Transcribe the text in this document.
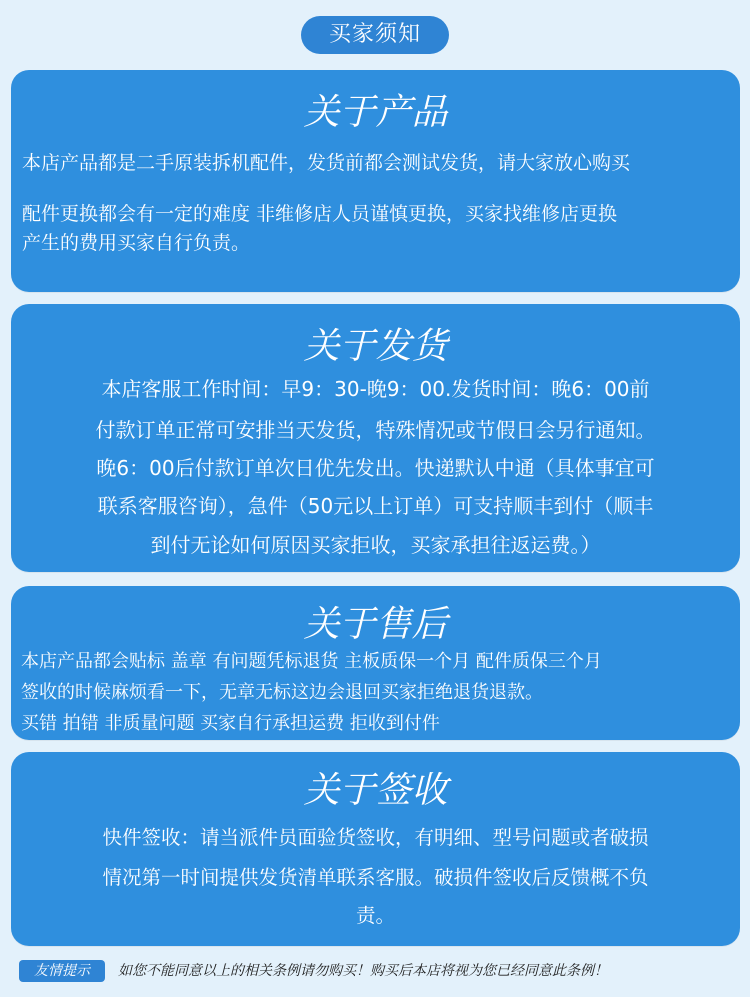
买家须知
关于产品
本店产品都是二手原装拆机配件，发货前都会测试发货，请大家放心购买
配件更换都会有一定的难度 非维修店人员谨慎更换，买家找维修店更换
产生的费用买家自行负责。
关于发货
本店客服工作时间：早9：30-晚9：00.发货时间：晚6：00前
付款订单正常可安排当天发货，特殊情况或节假日会另行通知。
晚6：00后付款订单次日优先发出。快递默认中通（具体事宜可
联系客服咨询），急件（50元以上订单）可支持顺丰到付（顺丰
到付无论如何原因买家拒收，买家承担往返运费。）
关于售后
本店产品都会贴标 盖章 有问题凭标退货 主板质保一个月 配件质保三个月
签收的时候麻烦看一下，无章无标这边会退回买家拒绝退货退款。
买错 拍错 非质量问题 买家自行承担运费 拒收到付件
关于签收
快件签收：请当派件员面验货签收，有明细、型号问题或者破损
情况第一时间提供发货清单联系客服。破损件签收后反馈概不负
责。
友情提示	如您不能同意以上的相关条例请勿购买！购买后本店将视为您已经同意此条例！
